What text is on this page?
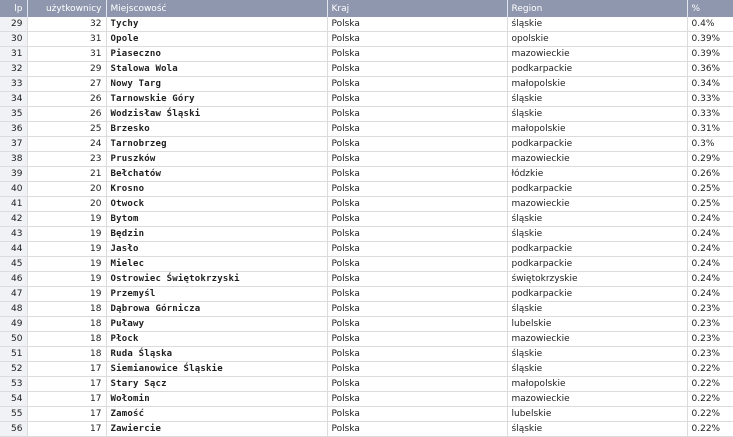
lp	użytkownicy	Miejscowość	Kraj	Region	%
29	32	Tychy	Polska	śląskie	0.4%
30	31	Opole	Polska	opolskie	0.39%
31	31	Piaseczno	Polska	mazowieckie	0.39%
32	29	Stalowa Wola	Polska	podkarpackie	0.36%
33	27	Nowy Targ	Polska	małopolskie	0.34%
34	26	Tarnowskie Góry	Polska	śląskie	0.33%
35	26	Wodzisław Śląski	Polska	śląskie	0.33%
36	25	Brzesko	Polska	małopolskie	0.31%
37	24	Tarnobrzeg	Polska	podkarpackie	0.3%
38	23	Pruszków	Polska	mazowieckie	0.29%
39	21	Bełchatów	Polska	łódzkie	0.26%
40	20	Krosno	Polska	podkarpackie	0.25%
41	20	Otwock	Polska	mazowieckie	0.25%
42	19	Bytom	Polska	śląskie	0.24%
43	19	Będzin	Polska	śląskie	0.24%
44	19	Jasło	Polska	podkarpackie	0.24%
45	19	Mielec	Polska	podkarpackie	0.24%
46	19	Ostrowiec Świętokrzyski	Polska	świętokrzyskie	0.24%
47	19	Przemyśl	Polska	podkarpackie	0.24%
48	18	Dąbrowa Górnicza	Polska	śląskie	0.23%
49	18	Puławy	Polska	lubelskie	0.23%
50	18	Płock	Polska	mazowieckie	0.23%
51	18	Ruda Śląska	Polska	śląskie	0.23%
52	17	Siemianowice Śląskie	Polska	śląskie	0.22%
53	17	Stary Sącz	Polska	małopolskie	0.22%
54	17	Wołomin	Polska	mazowieckie	0.22%
55	17	Zamość	Polska	lubelskie	0.22%
56	17	Zawiercie	Polska	śląskie	0.22%
